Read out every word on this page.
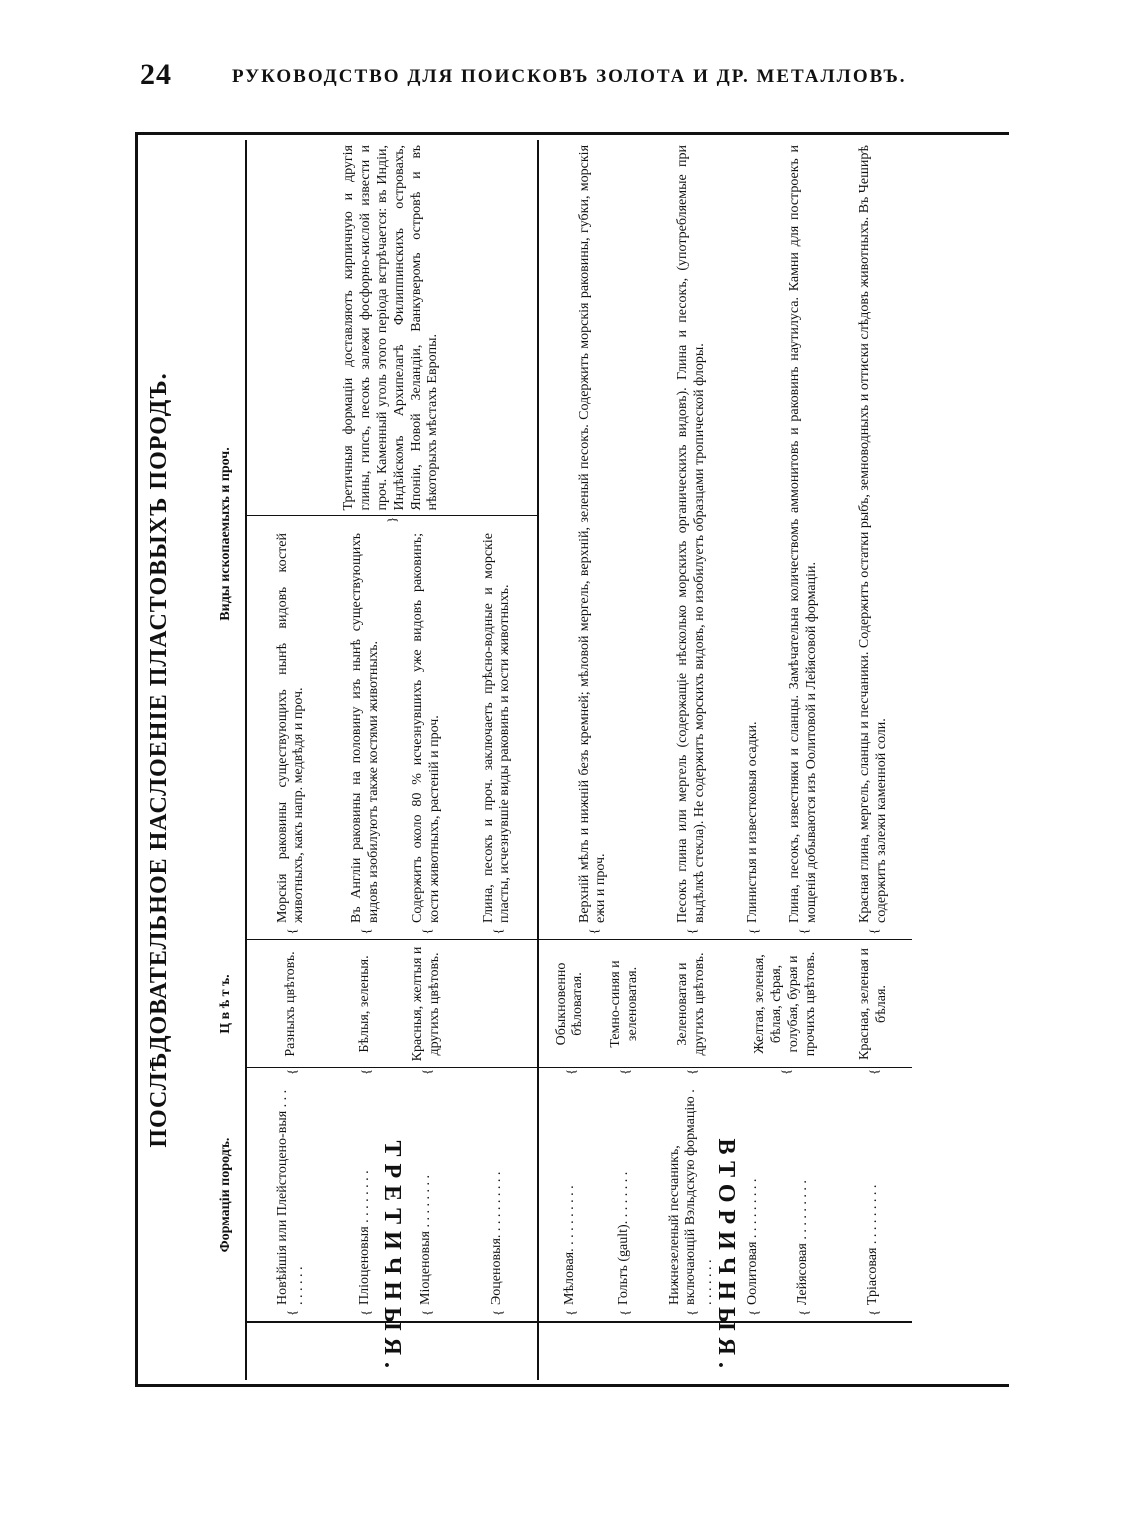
24	РУКОВОДСТВО ДЛЯ ПОИСКОВЪ ЗОЛОТА И ДР. МЕТАЛЛОВЪ.
ПОСЛѢДОВАТЕЛЬНОЕ НАСЛОЕНІЕ ПЛАСТОВЫХЪ ПОРОДЪ.
		Формаціи породъ.		Ц в ѣ т ъ.		Виды ископаемыхъ и проч.		
ТРЕТИЧНЫЯ.	{	Новѣйшія или Плейстоцено-выя . . . . . . . . .	{	Разныхъ цвѣтовъ.	{	Морскія раковины существующихъ нынѣ видовъ костей животныхъ, какъ напр. медвѣдя и проч.	}	Третичныя формаціи доставляютъ кирпичную и другія глины, гипсъ, песокъ залежи фосфорно-кислой извести и проч. Каменный уголь этого періода встрѣчается: въ Индіи, Индѣйскомъ Архипелагѣ Филиппинскихъ островахъ, Японіи, Новой Зеландіи, Ванкуверомъ островѣ и въ нѣкоторыхъ мѣстахъ Европы.
	{	Пліоценовыя . . . . . . . .	{	Бѣлыя, зеленыя.	{	Въ Англіи раковины на половину изъ нынѣ существующихъ видовъ изобилуютъ также костями животныхъ.		
	{	Міоценовыя . . . . . . . .	{	Красныя, желтыя и другихъ цвѣтовъ.	{	Содержитъ около 80 % исчезнувшихъ уже видовъ раковинъ; кости животныхъ, растеній и проч.		
	{	Эоценовыя. . . . . . . . . .			{	Глина, песокъ и проч. заключаетъ прѣсно-водные и морскіе пласты, исчезнувшіе виды раковинъ и кости животныхъ.		
ВТОРИЧНЫЯ.	{	Мѣловая. . . . . . . . . .	{	Обыкновенно бѣловатая.	{	Верхній мѣлъ и нижній безъ кремней; мѣловой мергель, верхній, зеленый песокъ. Содержитъ морскія раковины, губки, морскія ежи и проч.		
	{	Гольтъ (gault). . . . . . . .	{	Темно-синяя и зеленоватая.				
	{	Нижнезеленый песчаникъ, включающій Вэльдскую формацію . . . . . . . .	{	Зеленоватая и другихъ цвѣтовъ.	{	Песокъ глина или мергель (содержащіе нѣсколько морскихъ органическихъ видовъ). Глина и песокъ, (употребляемые при выдѣлкѣ стекла). Не содержитъ морскихъ видовъ, но изобилуетъ образцами тропической флоры.		
	{	Оолитовая . . . . . . . . .	{	Желтая, зеленая, бѣлая, сѣрая, голубая, бурая и прочихъ цвѣтовъ.	{	Глинистыя и известковыя осадки.		
	{	Лейясовая . . . . . . . . .			{	Глина, песокъ, известняки и сланцы. Замѣчательна количествомъ аммонитовъ и раковинъ наутилуса. Камни для построекъ и мощенія добываются изъ Оолитовой и Лейясовой формаціи.		
	{	Тріасовая . . . . . . . . .	{	Красная, зеленая и бѣлая.	{	Красная глина, мергель, сланцы и песчаники. Содержитъ остатки рыбъ, земноводныхъ и оттиски слѣдовъ животныхъ. Въ Чеширѣ содержитъ залежи каменной соли.		
